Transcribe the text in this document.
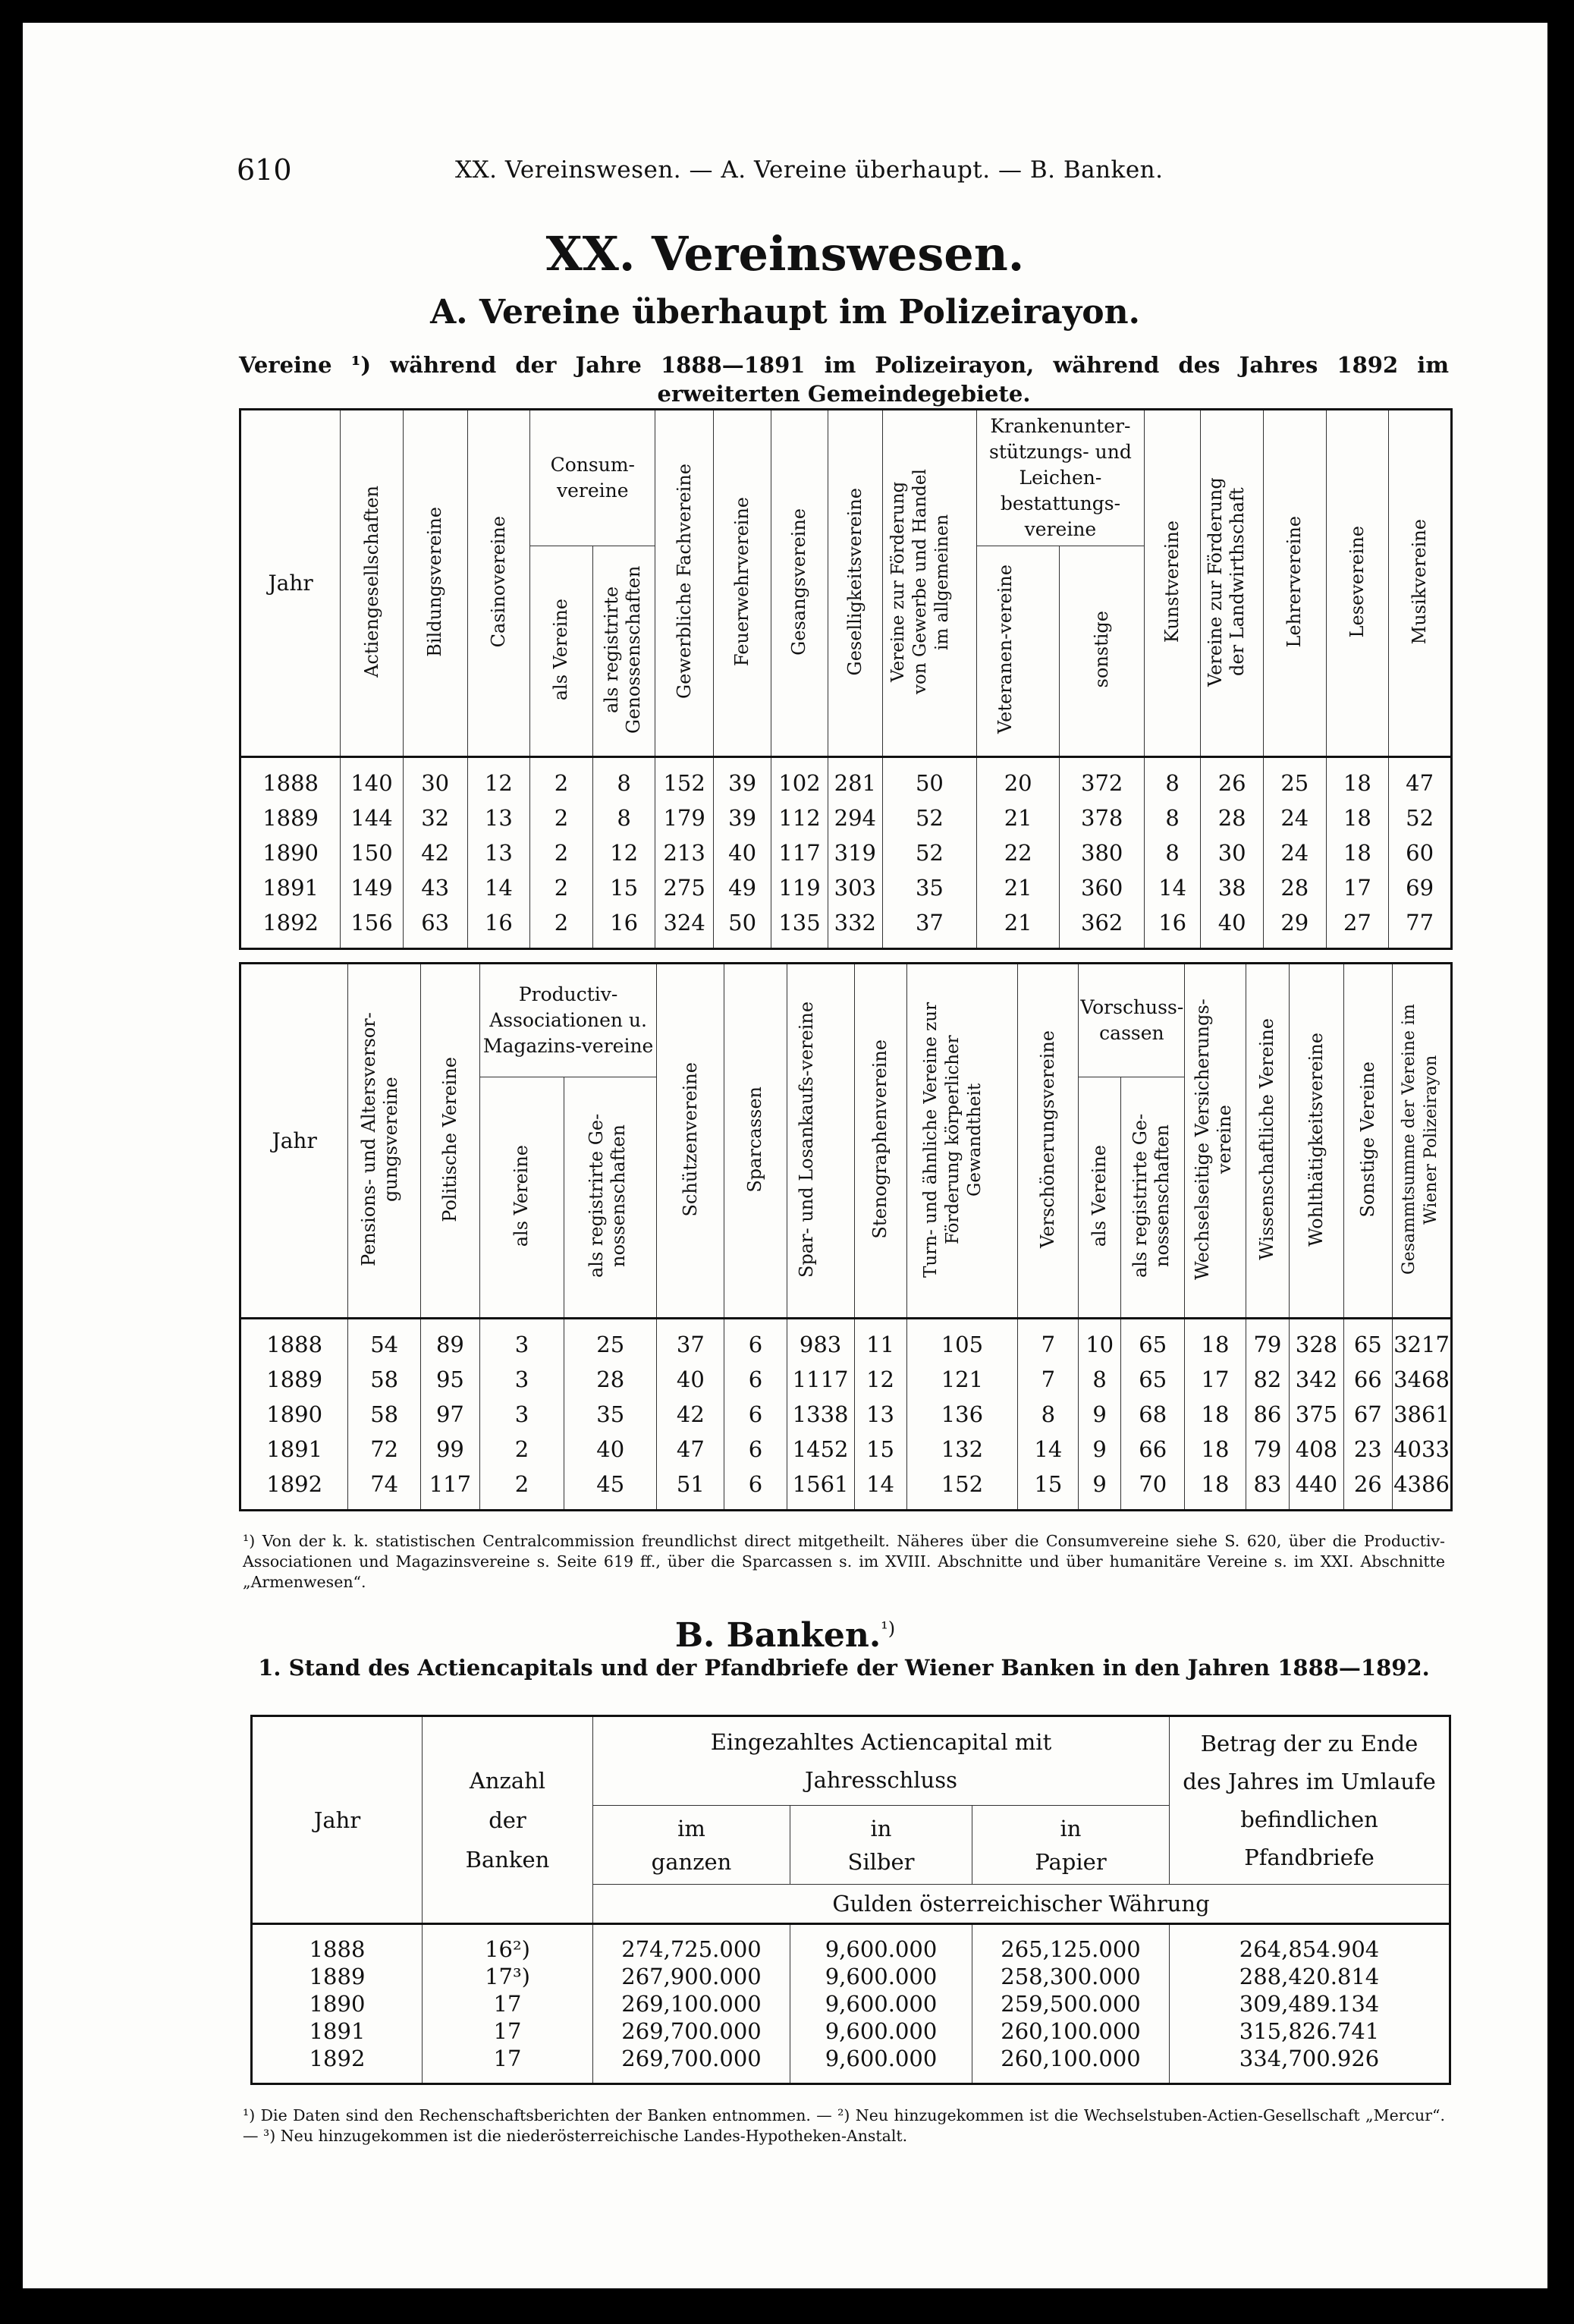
610	XX. Vereinswesen. — A. Vereine überhaupt. — B. Banken.
XX. Vereinswesen.
A. Vereine überhaupt im Polizeirayon.
Vereine ¹) während der Jahre 1888—1891 im Polizeirayon, während des Jahres 1892 im erweiterten Gemeindegebiete.
Jahr	Actiengesellschaften	Bildungsvereine	Casinovereine	Consum-vereine		Gewerbliche Fachvereine	Feuerwehrvereine	Gesangsvereine	Geselligkeitsvereine	Vereine zur Förderung von Gewerbe und Handel im allgemeinen	Krankenunter-stützungs- und Leichen-bestattungs-vereine		Kunstvereine	Vereine zur Förderung der Landwirthschaft	Lehrervereine	Lesevereine	Musikvereine
				als Vereine	als registrirte Genossenschaften						Veteranen-vereine	sonstige					
1888	140	30	12	2	8	152	39	102	281	50	20	372	8	26	25	18	47
1889	144	32	13	2	8	179	39	112	294	52	21	378	8	28	24	18	52
1890	150	42	13	2	12	213	40	117	319	52	22	380	8	30	24	18	60
1891	149	43	14	2	15	275	49	119	303	35	21	360	14	38	28	17	69
1892	156	63	16	2	16	324	50	135	332	37	21	362	16	40	29	27	77
Jahr	Pensions- und Altersversor-gungsvereine	Politische Vereine	Productiv-Associationen u. Magazins-vereine		Schützenvereine	Sparcassen	Spar- und Losankaufs-vereine	Stenographenvereine	Turn- und ähnliche Vereine zur Förderung körperlicher Gewandtheit	Verschönerungsvereine	Vorschuss-cassen		Wechselseitige Versicherungs-vereine	Wissenschaftliche Vereine	Wohlthätigkeitsvereine	Sonstige Vereine	Gesammtsumme der Vereine im Wiener Polizeirayon
			als Vereine	als registrirte Ge-nossenschaften							als Vereine	als registrirte Ge-nossenschaften					
1888	54	89	3	25	37	6	983	11	105	7	10	65	18	79	328	65	3217
1889	58	95	3	28	40	6	1117	12	121	7	8	65	17	82	342	66	3468
1890	58	97	3	35	42	6	1338	13	136	8	9	68	18	86	375	67	3861
1891	72	99	2	40	47	6	1452	15	132	14	9	66	18	79	408	23	4033
1892	74	117	2	45	51	6	1561	14	152	15	9	70	18	83	440	26	4386
¹) Von der k. k. statistischen Centralcommission freundlichst direct mitgetheilt. Näheres über die Consumvereine siehe S. 620, über die Productiv-Associationen und Magazinsvereine s. Seite 619 ff., über die Sparcassen s. im XVIII. Abschnitte und über humanitäre Vereine s. im XXI. Abschnitte „Armenwesen“.
B. Banken.$^{^1)}$
1. Stand des Actiencapitals und der Pfandbriefe der Wiener Banken in den Jahren 1888—1892.
Jahr	Anzahl der Banken	Eingezahltes Actiencapital mit Jahresschluss			Betrag der zu Ende des Jahres im Umlaufe befindlichen Pfandbriefe
		im ganzen	in Silber	in Papier	
		Gulden österreichischer Währung			
1888	16²)	274,725.000	9,600.000	265,125.000	264,854.904
1889	17³)	267,900.000	9,600.000	258,300.000	288,420.814
1890	17	269,100.000	9,600.000	259,500.000	309,489.134
1891	17	269,700.000	9,600.000	260,100.000	315,826.741
1892	17	269,700.000	9,600.000	260,100.000	334,700.926
¹) Die Daten sind den Rechenschaftsberichten der Banken entnommen. — ²) Neu hinzugekommen ist die Wechselstuben-Actien-Gesellschaft „Mercur“. — ³) Neu hinzugekommen ist die niederösterreichische Landes-Hypotheken-Anstalt.
